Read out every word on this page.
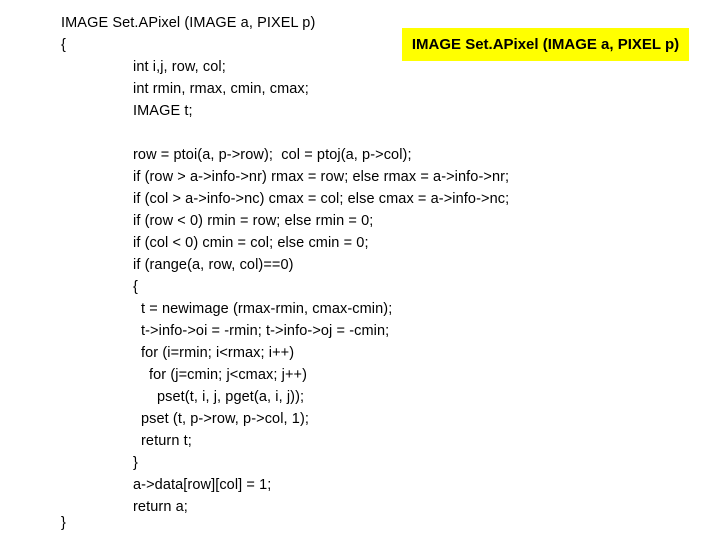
IMAGE Set.APixel (IMAGE a, PIXEL p)
IMAGE Set.APixel (IMAGE a, PIXEL p)
{
int i,j, row, col;
int rmin, rmax, cmin, cmax;
IMAGE t;
row = ptoi(a, p->row);  col = ptoj(a, p->col);
if (row > a->info->nr) rmax = row; else rmax = a->info->nr;
if (col > a->info->nc) cmax = col; else cmax = a->info->nc;
if (row < 0) rmin = row; else rmin = 0;
if (col < 0) cmin = col; else cmin = 0;
if (range(a, row, col)==0)
{
t = newimage (rmax-rmin, cmax-cmin);
t->info->oi = -rmin; t->info->oj = -cmin;
for (i=rmin; i<rmax; i++)
for (j=cmin; j<cmax; j++)
pset(t, i, j, pget(a, i, j));
pset (t, p->row, p->col, 1);
return t;
}
a->data[row][col] = 1;
return a;
}
